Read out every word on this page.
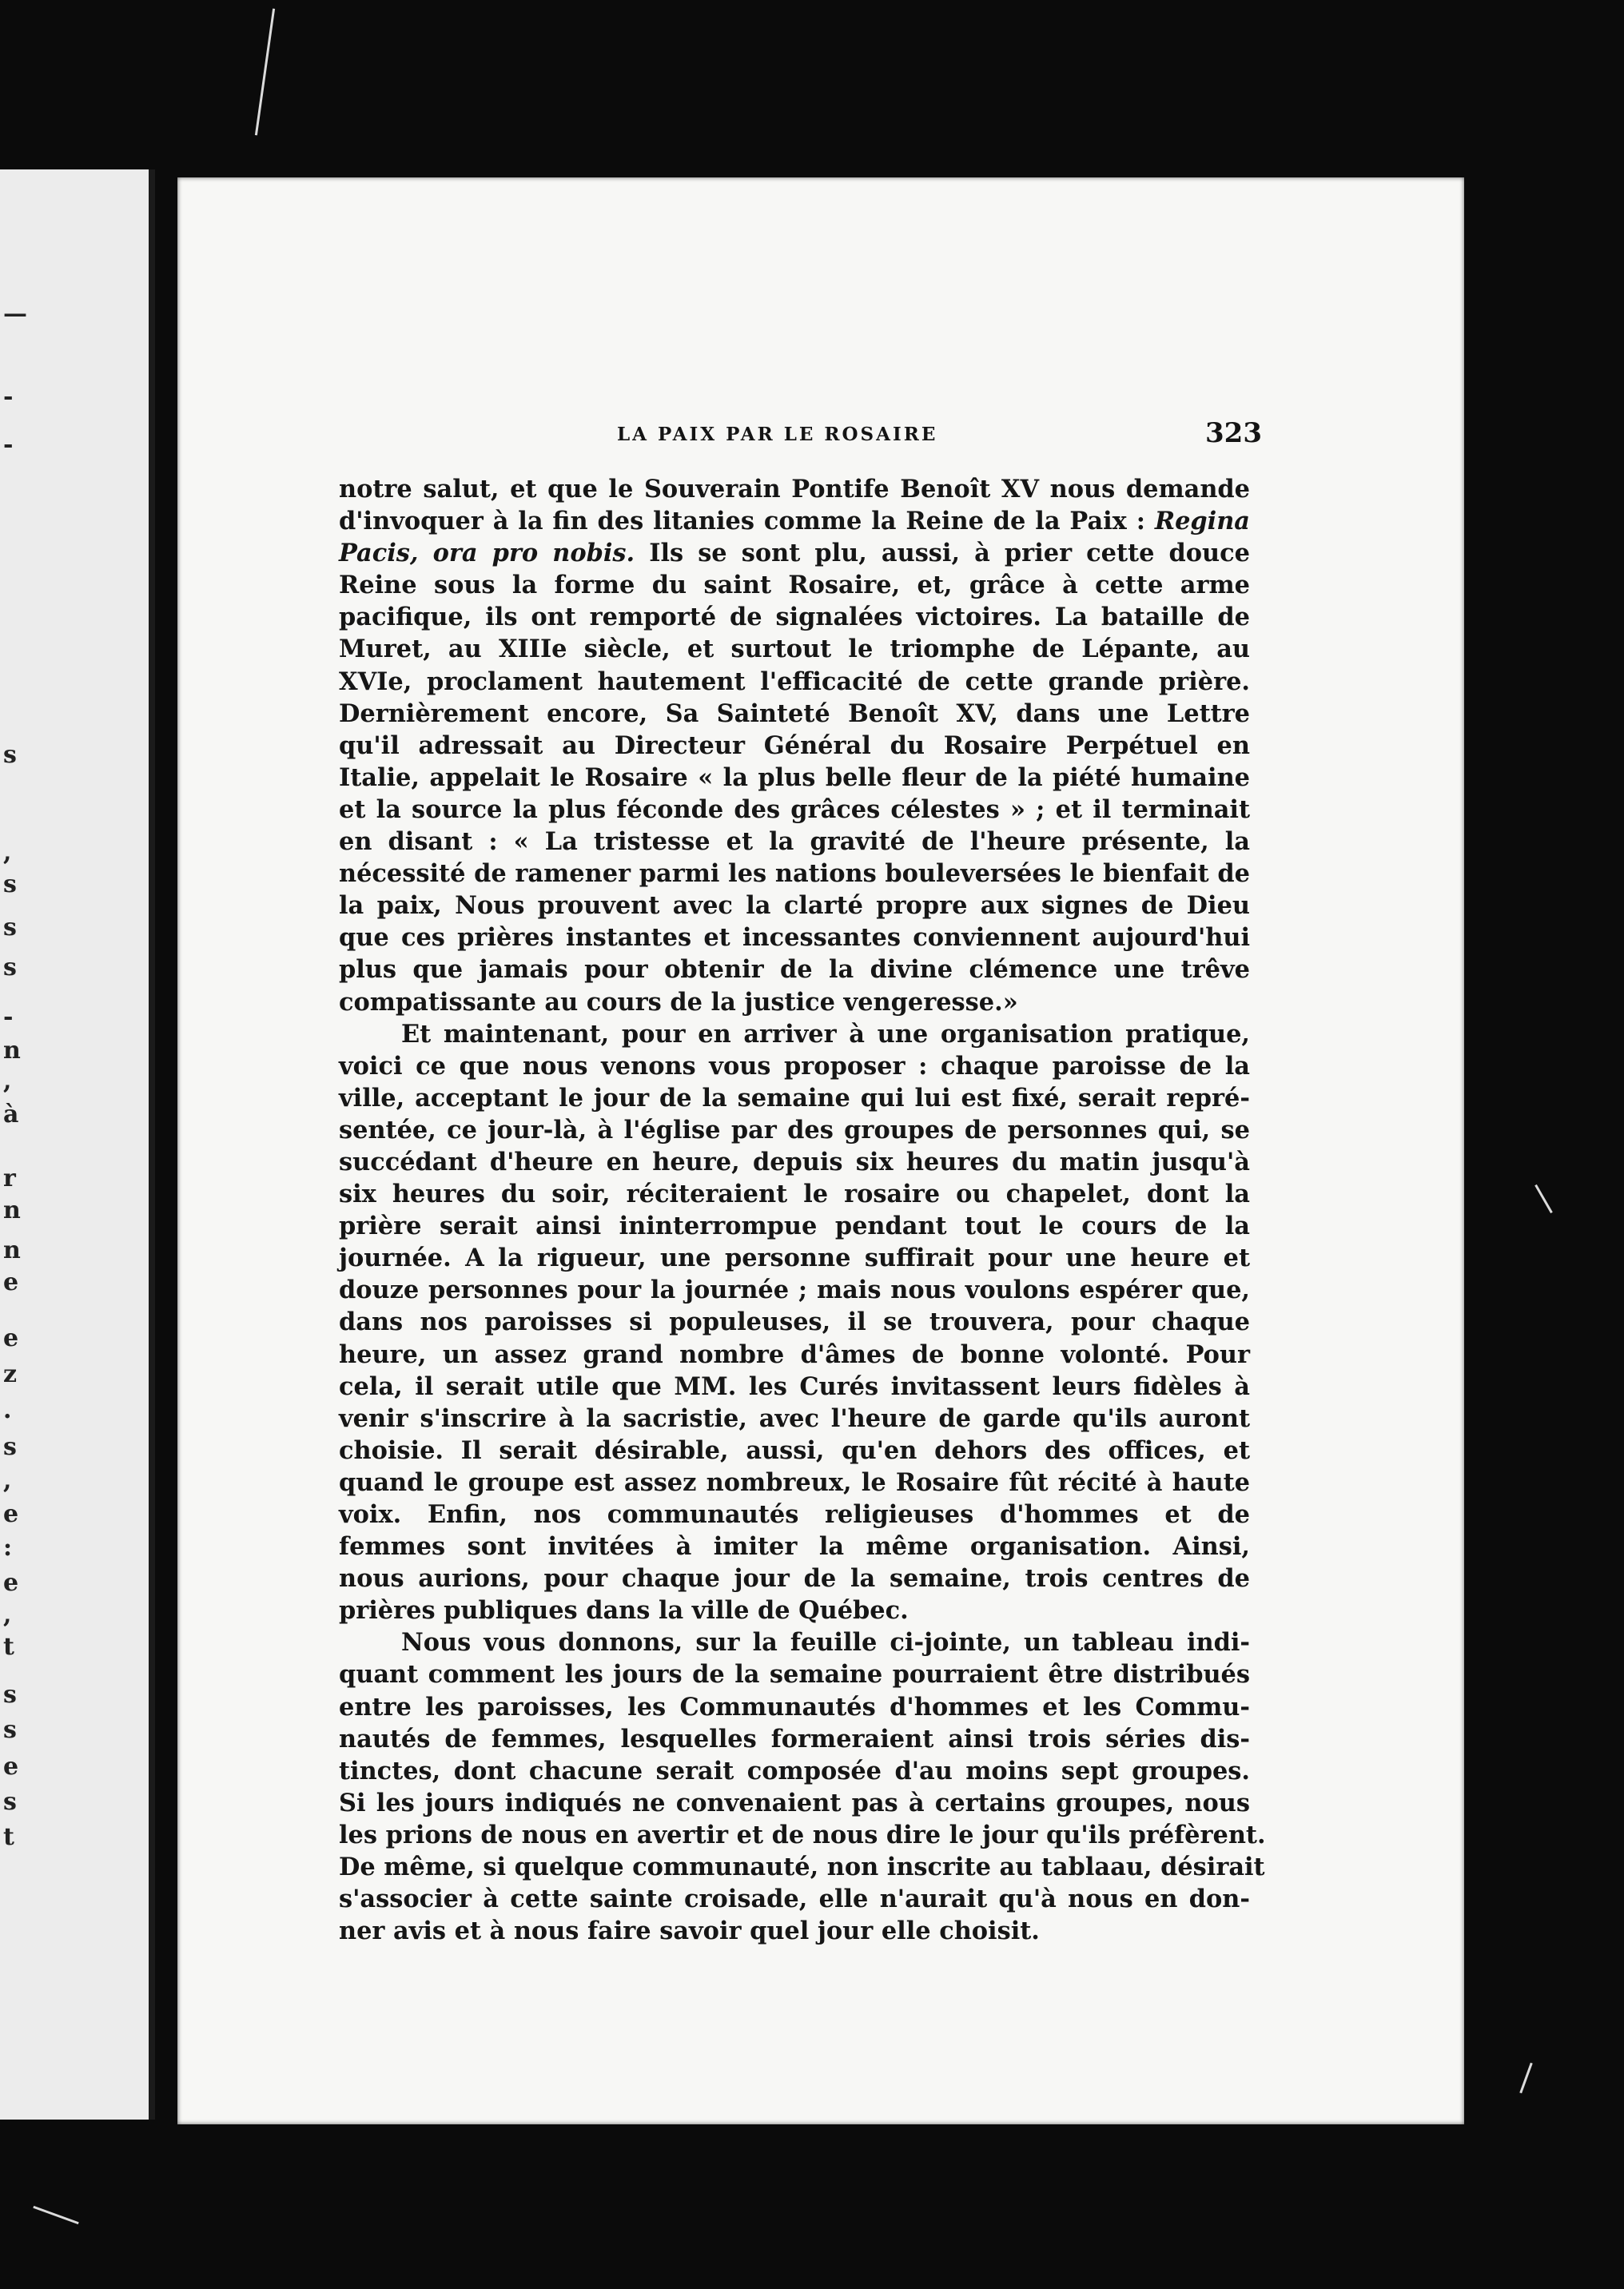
—
-
-
s
,
s
s
s
-
n
,
à
r
n
n
e
e
z
.
s
,
e
:
e
,
t
s
s
e
s
t
LA PAIX PAR LE ROSAIRE	323
notre salut, et que le Souverain Pontife Benoît XV nous demande
d'invoquer à la fin des litanies comme la Reine de la Paix : Regina
Pacis, ora pro nobis. Ils se sont plu, aussi, à prier cette douce
Reine sous la forme du saint Rosaire, et, grâce à cette arme
pacifique, ils ont remporté de signalées victoires. La bataille de
Muret, au XIIIe siècle, et surtout le triomphe de Lépante, au
XVIe, proclament hautement l'efficacité de cette grande prière.
Dernièrement encore, Sa Sainteté Benoît XV, dans une Lettre
qu'il adressait au Directeur Général du Rosaire Perpétuel en
Italie, appelait le Rosaire « la plus belle fleur de la piété humaine
et la source la plus féconde des grâces célestes » ; et il terminait
en disant : « La tristesse et la gravité de l'heure présente, la
nécessité de ramener parmi les nations bouleversées le bienfait de
la paix, Nous prouvent avec la clarté propre aux signes de Dieu
que ces prières instantes et incessantes conviennent aujourd'hui
plus que jamais pour obtenir de la divine clémence une trêve
compatissante au cours de la justice vengeresse.»
Et maintenant, pour en arriver à une organisation pratique,
voici ce que nous venons vous proposer : chaque paroisse de la
ville, acceptant le jour de la semaine qui lui est fixé, serait repré-
sentée, ce jour-là, à l'église par des groupes de personnes qui, se
succédant d'heure en heure, depuis six heures du matin jusqu'à
six heures du soir, réciteraient le rosaire ou chapelet, dont la
prière serait ainsi ininterrompue pendant tout le cours de la
journée. A la rigueur, une personne suffirait pour une heure et
douze personnes pour la journée ; mais nous voulons espérer que,
dans nos paroisses si populeuses, il se trouvera, pour chaque
heure, un assez grand nombre d'âmes de bonne volonté. Pour
cela, il serait utile que MM. les Curés invitassent leurs fidèles à
venir s'inscrire à la sacristie, avec l'heure de garde qu'ils auront
choisie. Il serait désirable, aussi, qu'en dehors des offices, et
quand le groupe est assez nombreux, le Rosaire fût récité à haute
voix. Enfin, nos communautés religieuses d'hommes et de
femmes sont invitées à imiter la même organisation. Ainsi,
nous aurions, pour chaque jour de la semaine, trois centres de
prières publiques dans la ville de Québec.
Nous vous donnons, sur la feuille ci-jointe, un tableau indi-
quant comment les jours de la semaine pourraient être distribués
entre les paroisses, les Communautés d'hommes et les Commu-
nautés de femmes, lesquelles formeraient ainsi trois séries dis-
tinctes, dont chacune serait composée d'au moins sept groupes.
Si les jours indiqués ne convenaient pas à certains groupes, nous
les prions de nous en avertir et de nous dire le jour qu'ils préfèrent.
De même, si quelque communauté, non inscrite au tablaau, désirait
s'associer à cette sainte croisade, elle n'aurait qu'à nous en don-
ner avis et à nous faire savoir quel jour elle choisit.
